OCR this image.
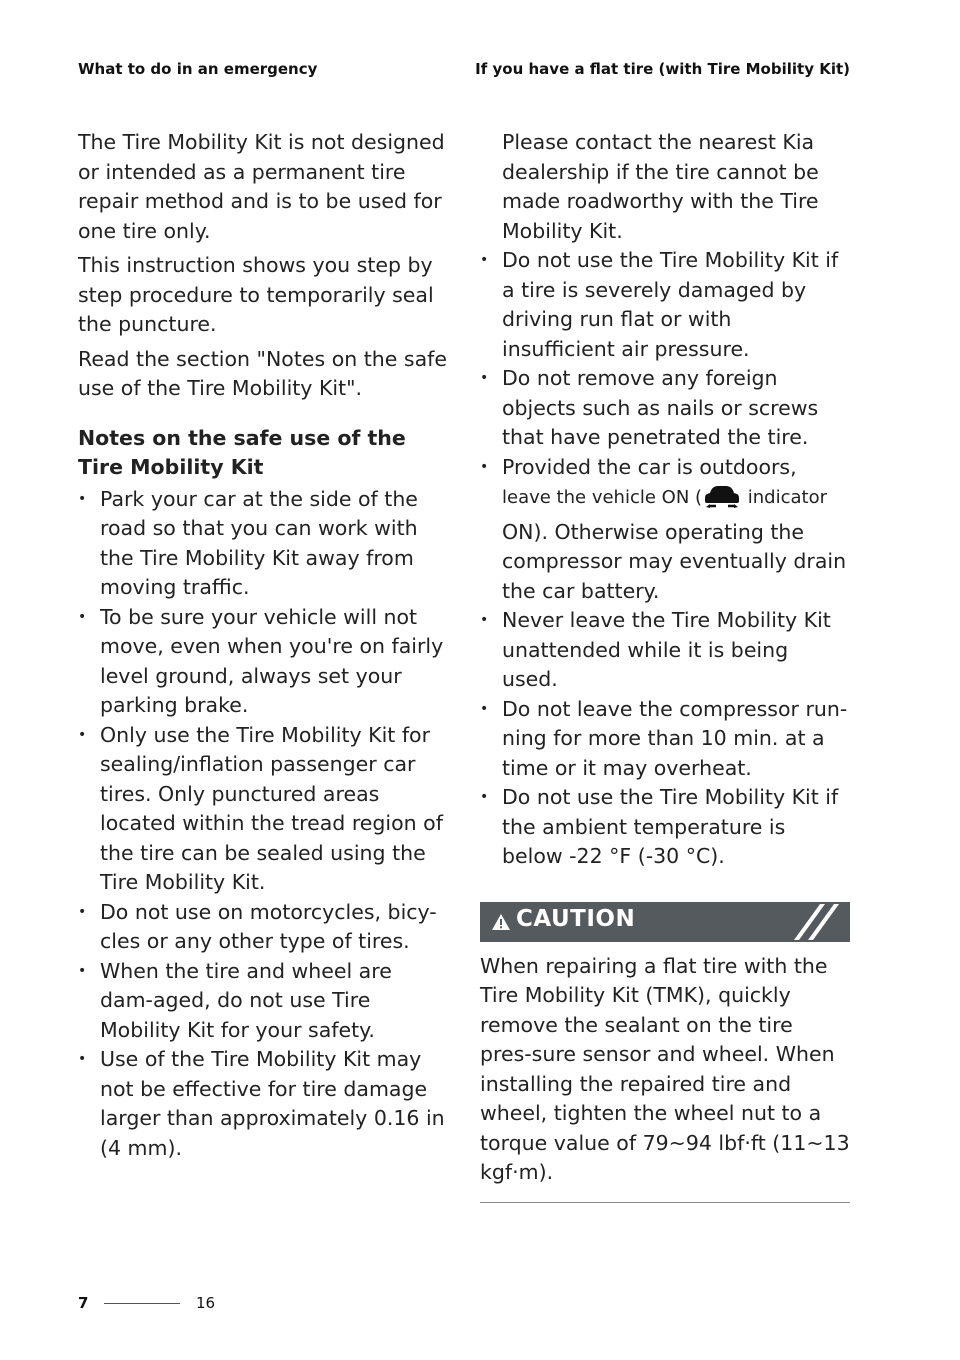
What to do in an emergency	If you have a flat tire (with Tire Mobility Kit)

The Tire Mobility Kit is not designed or intended as a permanent tire repair method and is to be used for one tire only.

This instruction shows you step by step procedure to temporarily seal the puncture.

Read the section "Notes on the safe use of the Tire Mobility Kit".

Notes on the safe use of the Tire Mobility Kit
• Park your car at the side of the road so that you can work with the Tire Mobility Kit away from moving traffic.
• To be sure your vehicle will not move, even when you're on fairly level ground, always set your parking brake.
• Only use the Tire Mobility Kit for sealing/inflation passenger car tires. Only punctured areas located within the tread region of the tire can be sealed using the Tire Mobility Kit.
• Do not use on motorcycles, bicy-cles or any other type of tires.
• When the tire and wheel are dam-aged, do not use Tire Mobility Kit for your safety.
• Use of the Tire Mobility Kit may not be effective for tire damage larger than approximately 0.16 in (4 mm).

Please contact the nearest Kia dealership if the tire cannot be made roadworthy with the Tire Mobility Kit.

• Do not use the Tire Mobility Kit if a tire is severely damaged by driving run flat or with insufficient air pressure.
• Do not remove any foreign objects such as nails or screws that have penetrated the tire.
• Provided the car is outdoors,
leave the vehicle ON ( indicator
ON). Otherwise operating the compressor may eventually drain the car battery.
• Never leave the Tire Mobility Kit unattended while it is being used.
• Do not leave the compressor run-ning for more than 10 min. at a time or it may overheat.
• Do not use the Tire Mobility Kit if the ambient temperature is below -22 °F (-30 °C).
CAUTION

When repairing a flat tire with the Tire Mobility Kit (TMK), quickly remove the sealant on the tire pres-sure sensor and wheel. When installing the repaired tire and wheel, tighten the wheel nut to a torque value of 79~94 lbf·ft (11~13 kgf·m).

7	16
